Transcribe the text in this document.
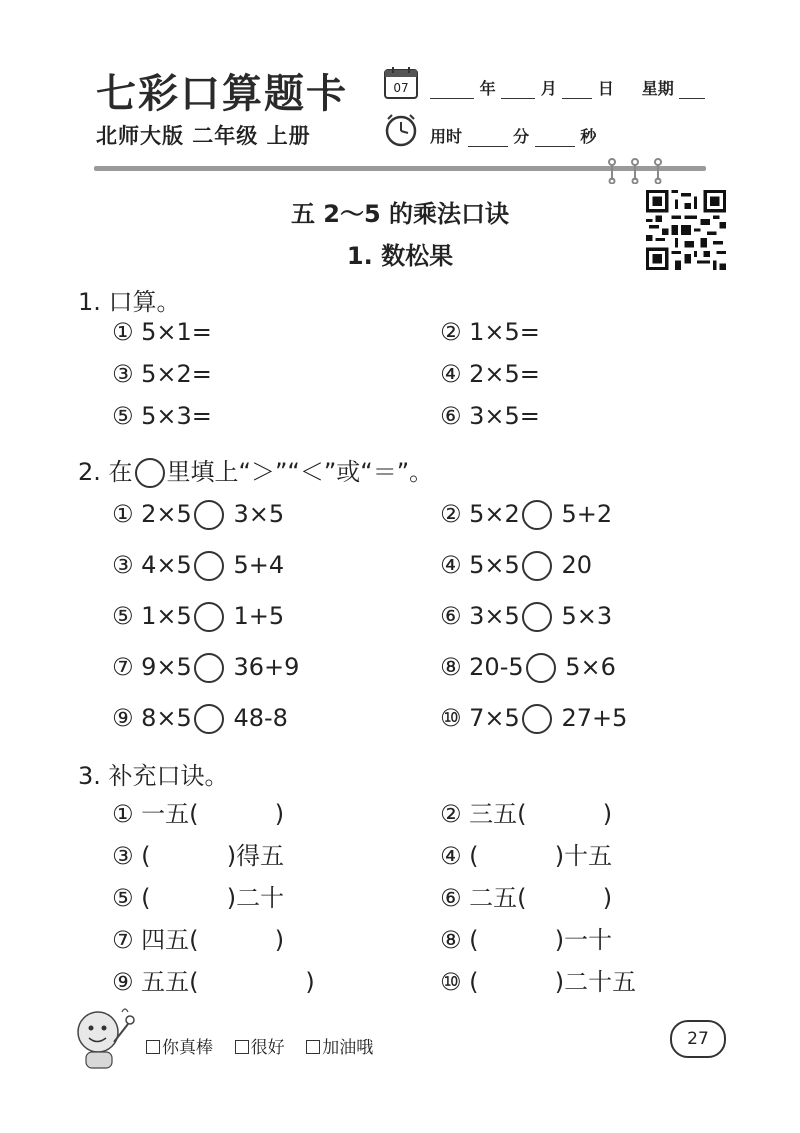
七彩口算题卡
北师大版 二年级 上册
07	年	月	日 星期
用时	分	秒
五 2～5 的乘法口诀
1. 数松果
1. 口算。
① 5×1=	② 1×5=
③ 5×2=	④ 2×5=
⑤ 5×3=	⑥ 3×5=
2. 在 里填上“＞”“＜”或“＝”。
① 2×5 3×5	② 5×2 5+2
③ 4×5 5+4	④ 5×5 20
⑤ 1×5 1+5	⑥ 3×5 5×3
⑦ 9×5 36+9	⑧ 20-5 5×6
⑨ 8×5 48-8	⑩ 7×5 27+5
3. 补充口诀。
① 一五(          )	② 三五(          )
③ (          )得五	④ (          )十五
⑤ (          )二十	⑥ 二五(          )
⑦ 四五(          )	⑧ (          )一十
⑨ 五五(              )	⑩ (          )二十五
你真棒 很好 加油哦	27
